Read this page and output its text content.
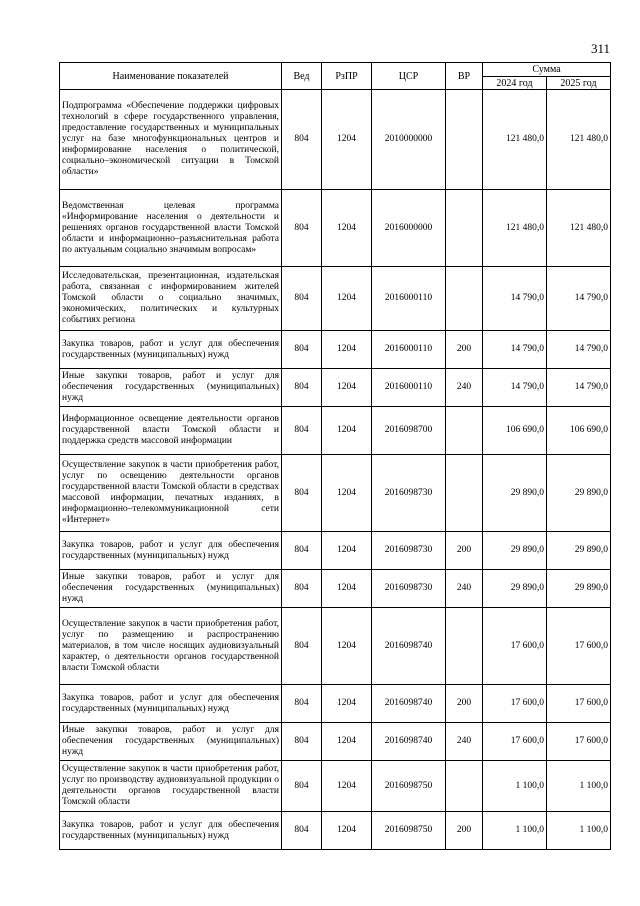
311
Наименование показателей	Вед	РзПР	ЦСР	ВР	Сумма	
					2024 год	2025 год
Подпрограмма «Обеспечение поддержки цифровых технологий в сфере государственного управления, предоставление государственных и муниципальных услуг на базе многофункциональных центров и информирование населения о политической, социально–экономической ситуации в Томской области»	804	1204	2010000000		121 480,0	121 480,0
Ведомственная целевая программа «Информирование населения о деятельности и решениях органов государственной власти Томской области и информационно–разъяснительная работа по актуальным социально значимым вопросам»	804	1204	2016000000		121 480,0	121 480,0
Исследовательская, презентационная, издательская работа, связанная с информированием жителей Томской области о социально значимых, экономических, политических и культурных событиях региона	804	1204	2016000110		14 790,0	14 790,0
Закупка товаров, работ и услуг для обеспечения государственных (муниципальных) нужд	804	1204	2016000110	200	14 790,0	14 790,0
Иные закупки товаров, работ и услуг для обеспечения государственных (муниципальных) нужд	804	1204	2016000110	240	14 790,0	14 790,0
Информационное освещение деятельности органов государственной власти Томской области и поддержка средств массовой информации	804	1204	2016098700		106 690,0	106 690,0
Осуществление закупок в части приобретения работ, услуг по освещению деятельности органов государственной власти Томской области в средствах массовой информации, печатных изданиях, в информационно–телекоммуникационной сети «Интернет»	804	1204	2016098730		29 890,0	29 890,0
Закупка товаров, работ и услуг для обеспечения государственных (муниципальных) нужд	804	1204	2016098730	200	29 890,0	29 890,0
Иные закупки товаров, работ и услуг для обеспечения государственных (муниципальных) нужд	804	1204	2016098730	240	29 890,0	29 890,0
Осуществление закупок в части приобретения работ, услуг по размещению и распространению материалов, в том числе носящих аудиовизуальный характер, о деятельности органов государственной власти Томской области	804	1204	2016098740		17 600,0	17 600,0
Закупка товаров, работ и услуг для обеспечения государственных (муниципальных) нужд	804	1204	2016098740	200	17 600,0	17 600,0
Иные закупки товаров, работ и услуг для обеспечения государственных (муниципальных) нужд	804	1204	2016098740	240	17 600,0	17 600,0
Осуществление закупок в части приобретения работ, услуг по производству аудиовизуальной продукции о деятельности органов государственной власти Томской области	804	1204	2016098750		1 100,0	1 100,0
Закупка товаров, работ и услуг для обеспечения государственных (муниципальных) нужд	804	1204	2016098750	200	1 100,0	1 100,0
